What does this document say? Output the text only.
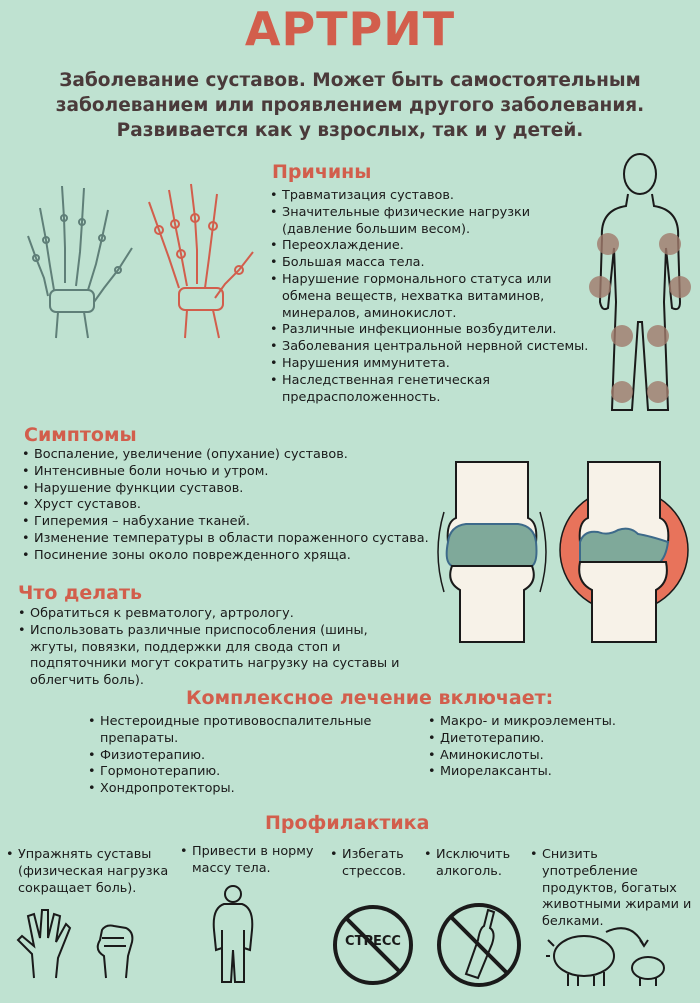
АРТРИТ
Заболевание суставов. Может быть самостоятельным
заболеванием или проявлением другого заболевания.
Развивается как у взрослых, так и у детей.
Причины
• Травматизация суставов.
• Значительные физические нагрузки (давление большим весом).
• Переохлаждение.
• Большая масса тела.
• Нарушение гормонального статуса или обмена веществ, нехватка витаминов, минералов, аминокислот.
• Различные инфекционные возбудители.
• Заболевания центральной нервной системы.
• Нарушения иммунитета.
• Наследственная генетическая предрасположенность.
Симптомы
• Воспаление, увеличение (опухание) суставов.
• Интенсивные боли ночью и утром.
• Нарушение функции суставов.
• Хруст суставов.
• Гиперемия – набухание тканей.
• Изменение температуры в области пораженного сустава.
• Посинение зоны около поврежденного хряща.
Что делать
• Обратиться к ревматологу, артрологу.
• Использовать различные приспособления (шины, жгуты, повязки, поддержки для свода стоп и подпяточники могут сократить нагрузку на суставы и облегчить боль).
Комплексное лечение включает:
• Нестероидные противовоспалительные препараты.
• Физиотерапию.
• Гормонотерапию.
• Хондропротекторы.
• Макро- и микроэлементы.
• Диетотерапию.
• Аминокислоты.
• Миорелаксанты.
Профилактика
• Упражнять суставы (физическая нагрузка сокращает боль).
• Привести в норму массу тела.
• Избегать стрессов.
• Исключить алкоголь.
• Снизить употребление продуктов, богатых животными жирами и белками.
СТРЕСС
